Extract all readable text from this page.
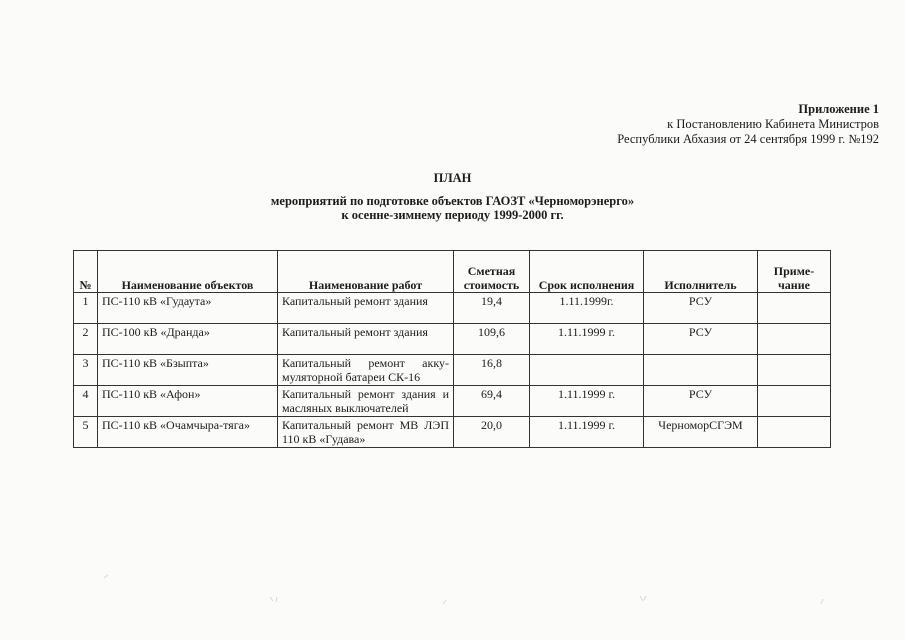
Приложение 1
к Постановлению Кабинета Министров
Республики Абхазия от 24 сентября 1999 г. №192
ПЛАН
мероприятий по подготовке объектов ГАОЗТ «Черноморэнерго»
к осенне-зимнему периоду 1999-2000 гг.
№	Наименование объектов	Наименование работ	Сметная стоимость	Срок исполнения	Исполнитель	Приме-чание
1	ПС-110 кВ «Гудаута»	Капитальный ремонт здания	19,4	1.11.1999г.	РСУ	
2	ПС-100 кВ «Дранда»	Капитальный ремонт здания	109,6	1.11.1999 г.	РСУ	
3	ПС-110 кВ «Бзыпта»	Капитальный ремонт акку-муляторной батареи СК-16	16,8			
4	ПС-110 кВ «Афон»	Капитальный ремонт здания и масляных выключателей	69,4	1.11.1999 г.	РСУ	
5	ПС-110 кВ «Очамчыра-тяга»	Капитальный ремонт МВ ЛЭП 110 кВ «Гудава»	20,0	1.11.1999 г.	ЧерноморСГЭМ	
